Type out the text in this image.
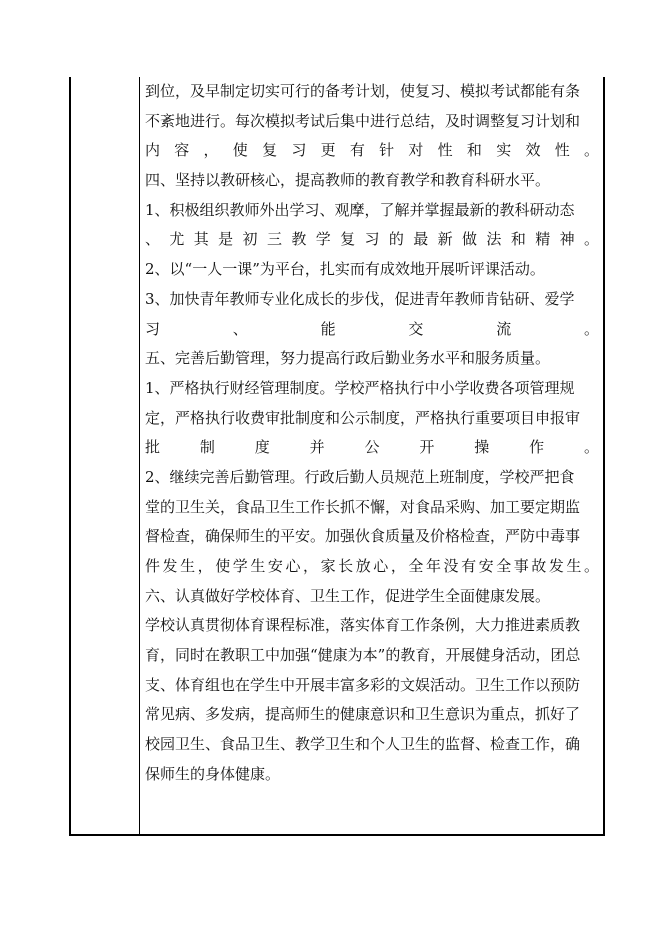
到位，及早制定切实可行的备考计划，使复习、模拟考试都能有条
不紊地进行。每次模拟考试后集中进行总结，及时调整复习计划和
内容，使复习更有针对性和实效性。
四、坚持以教研核心，提高教师的教育教学和教育科研水平。
1、积极组织教师外出学习、观摩，了解并掌握最新的教科研动态
、尤其是初三教学复习的最新做法和精神。
2、以“一人一课”为平台，扎实而有成效地开展听评课活动。
3、加快青年教师专业化成长的步伐，促进青年教师肯钻研、爱学
习、能交流。
五、完善后勤管理，努力提高行政后勤业务水平和服务质量。
1、严格执行财经管理制度。学校严格执行中小学收费各项管理规
定，严格执行收费审批制度和公示制度，严格执行重要项目申报审
批制度并公开操作。
2、继续完善后勤管理。行政后勤人员规范上班制度，学校严把食
堂的卫生关，食品卫生工作长抓不懈，对食品采购、加工要定期监
督检查，确保师生的平安。加强伙食质量及价格检查，严防中毒事
件发生，使学生安心，家长放心，全年没有安全事故发生。
六、认真做好学校体育、卫生工作，促进学生全面健康发展。
学校认真贯彻体育课程标准，落实体育工作条例，大力推进素质教
育，同时在教职工中加强“健康为本”的教育，开展健身活动，团总
支、体育组也在学生中开展丰富多彩的文娱活动。卫生工作以预防
常见病、多发病，提高师生的健康意识和卫生意识为重点，抓好了
校园卫生、食品卫生、教学卫生和个人卫生的监督、检查工作，确
保师生的身体健康。
